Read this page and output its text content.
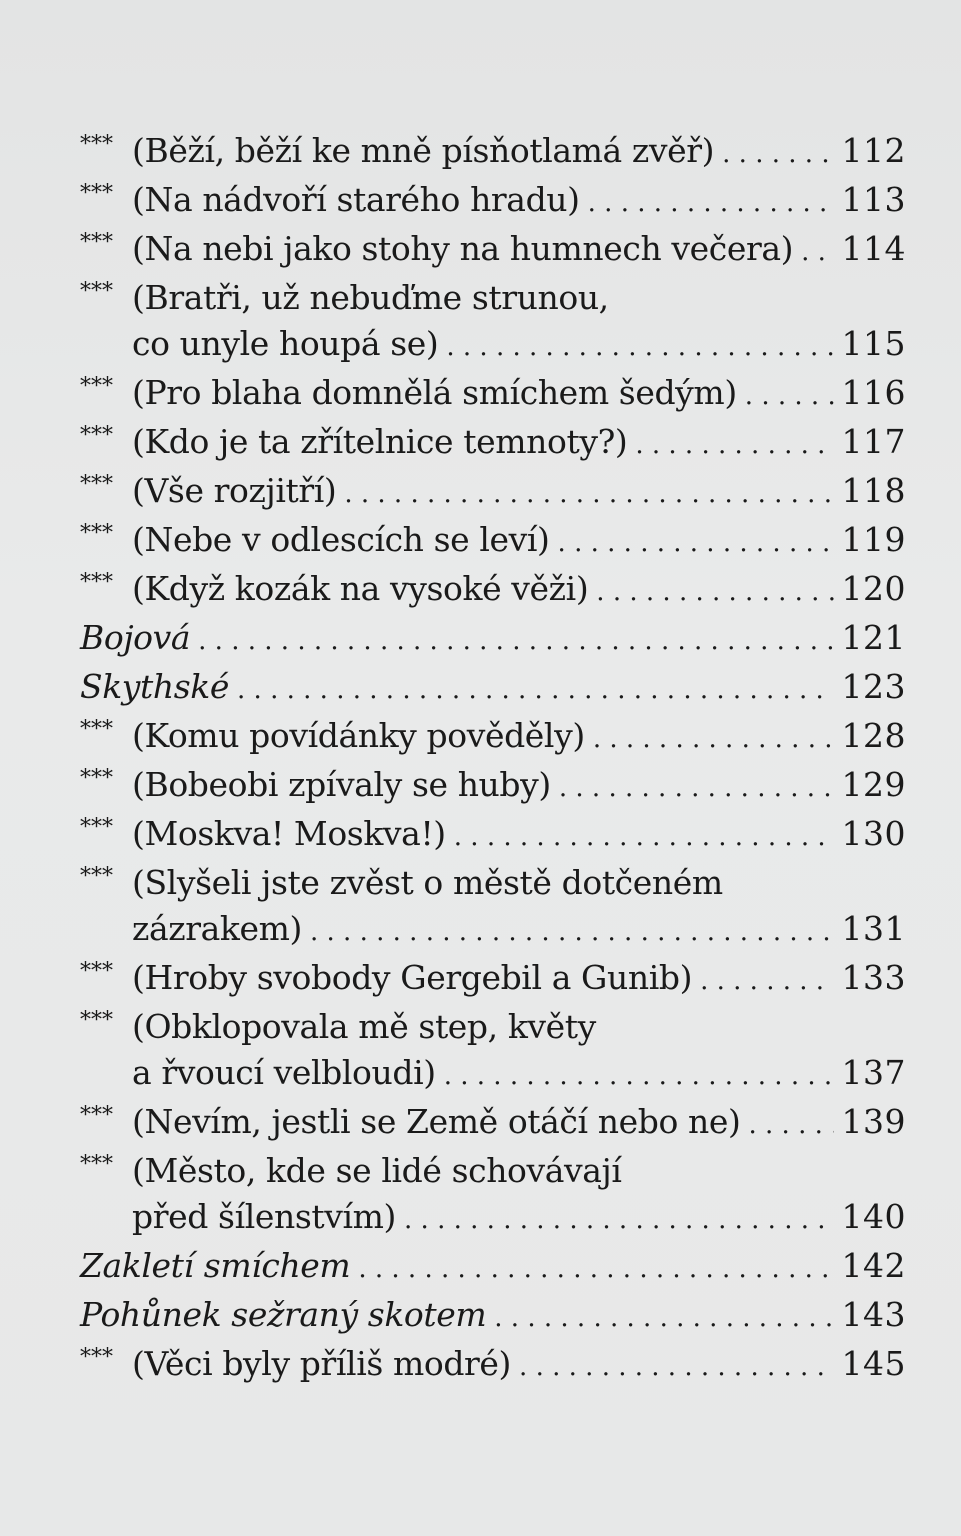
*** (Běží, běží ke mně písňotlamá zvěř) . . .	112
*** (Na nádvoří starého hradu) . . .	113
*** (Na nebi jako stohy na humnech večera) . . . 114
*** (Bratři, už nebuďme strunou,
co unyle houpá se) . . .	115
*** (Pro blaha domnělá smíchem šedým) . . .	116
*** (Kdo je ta zřítelnice temnoty?) . . .	117
*** (Vše rozjitří) . . .	118
*** (Nebe v odlescích se leví) . . .	119
*** (Když kozák na vysoké věži) . . .	120
Bojová . . .	121
Skythské . . .	123
*** (Komu povídánky pověděly) . . .	128
*** (Bobeobi zpívaly se huby) . . .	129
*** (Moskva! Moskva!) . . .	130
*** (Slyšeli jste zvěst o městě dotčeném
zázrakem) . . .	131
*** (Hroby svobody Gergebil a Gunib) . . .	133
*** (Obklopovala mě step, květy
a řvoucí velbloudi) . . .	137
*** (Nevím, jestli se Země otáčí nebo ne) . . .	139
*** (Město, kde se lidé schovávají
před šílenstvím) . . .	140
Zakletí smíchem . . .	142
Pohůnek sežraný skotem . . .	143
*** (Věci byly příliš modré) . . .	145
